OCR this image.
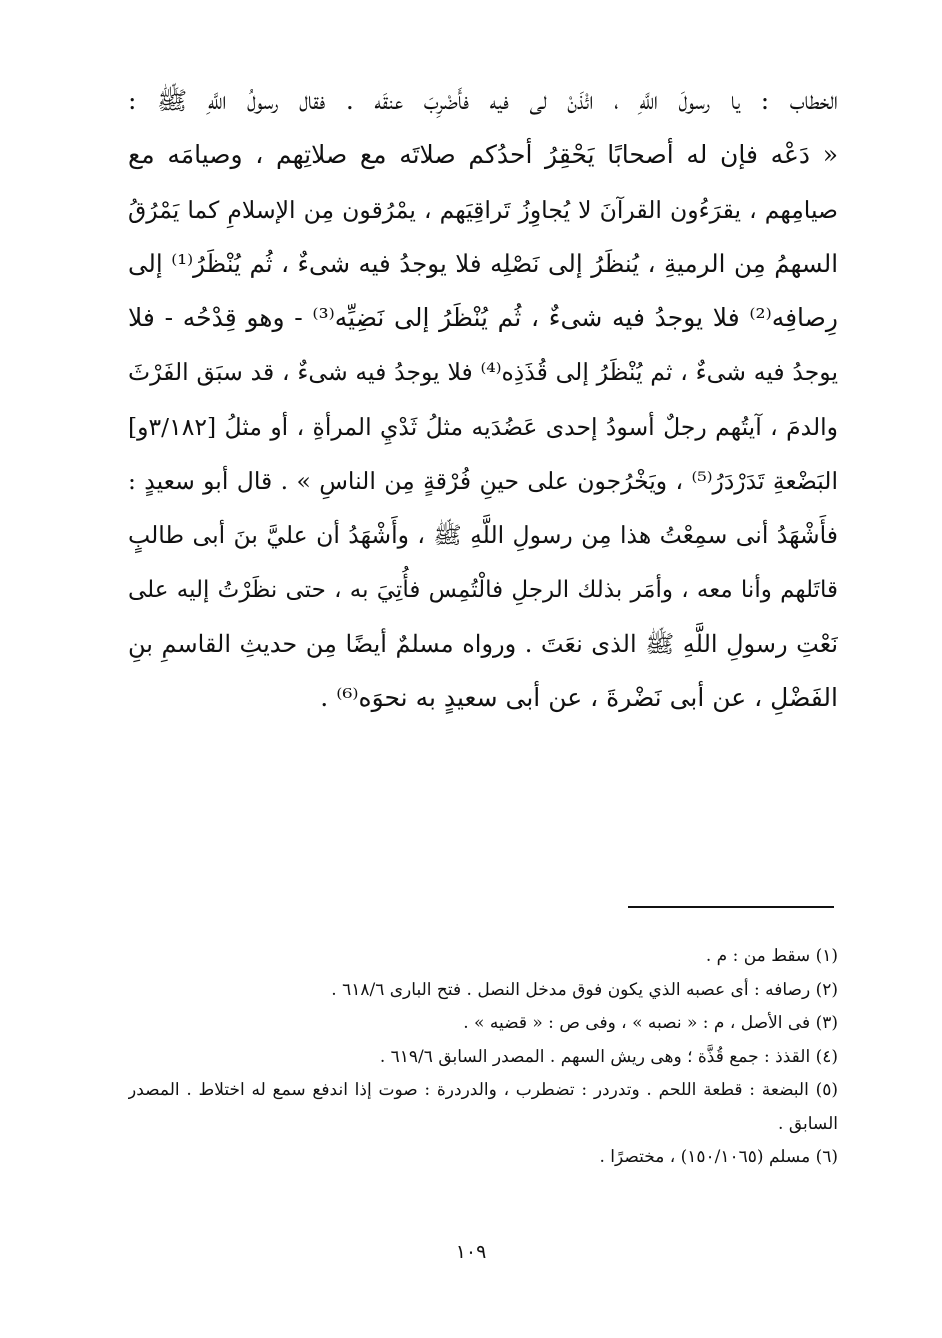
الخطاب : يا رسولَ اللَّهِ ، ائْذَنْ لى فيه فأَضْرِبَ عنقَه . فقال رسولُ اللَّهِ ﷺ :
« دَعْه فإن له أصحابًا يَحْقِرُ أحدُكم صلاتَه مع صلاتِهم ، وصيامَه مع
صيامِهم ، يقرَءُون القرآنَ لا يُجاوِزُ تَراقِيَهم ، يمْرُقون مِن الإسلامِ كما يَمْرُقُ
السهمُ مِن الرميةِ ، يُنظَرُ إلى نَصْلِه فلا يوجدُ فيه شىءٌ ، ثُم يُنْظَرُ⁽¹⁾ إلى
رِصافِه⁽²⁾ فلا يوجدُ فيه شىءٌ ، ثُم يُنْظَرُ إلى نَضِيِّه⁽³⁾ - وهو قِدْحُه - فلا
يوجدُ فيه شىءٌ ، ثم يُنْظَرُ إلى قُذَذِه⁽⁴⁾ فلا يوجدُ فيه شىءٌ ، قد سبَق الفَرْثَ
والدمَ ، آيتُهم رجلٌ أسودُ إحدى عَضُدَيه مثلُ ثَدْيِ المرأةِ ، أو مثلُ [٣/١٨٢و]
البَضْعةِ تَدَرْدَرُ⁽⁵⁾ ، ويَخْرُجون على حينِ فُرْقةٍ مِن الناسِ » . قال أبو سعيدٍ :
فأَشْهَدُ أنى سمِعْتُ هذا مِن رسولِ اللَّهِ ﷺ ، وأَشْهَدُ أن عليَّ بنَ أبى طالبٍ
قاتَلهم وأنا معه ، وأمَر بذلك الرجلِ فالْتُمِس فأُتِيَ به ، حتى نظَرْتُ إليه على
نَعْتِ رسولِ اللَّهِ ﷺ الذى نعَتَ . ورواه مسلمٌ أيضًا مِن حديثِ القاسمِ بنِ
الفَضْلِ ، عن أبى نَضْرةَ ، عن أبى سعيدٍ به نحوَه⁽⁶⁾ .
(١) سقط من : م .
(٢) رصافه : أى عصبه الذي يكون فوق مدخل النصل . فتح البارى ٦١٨/٦ .
(٣) فى الأصل ، م : « نصبه » ، وفى ص : « قضيه » .
(٤) القذذ : جمع قُذَّة ؛ وهى ريش السهم . المصدر السابق ٦١٩/٦ .
(٥) البضعة : قطعة اللحم . وتدردر : تضطرب ، والدردرة : صوت إذا اندفع سمع له اختلاط . المصدر
السابق .
(٦) مسلم (١٥٠/١٠٦٥) ، مختصرًا .
١٠٩
